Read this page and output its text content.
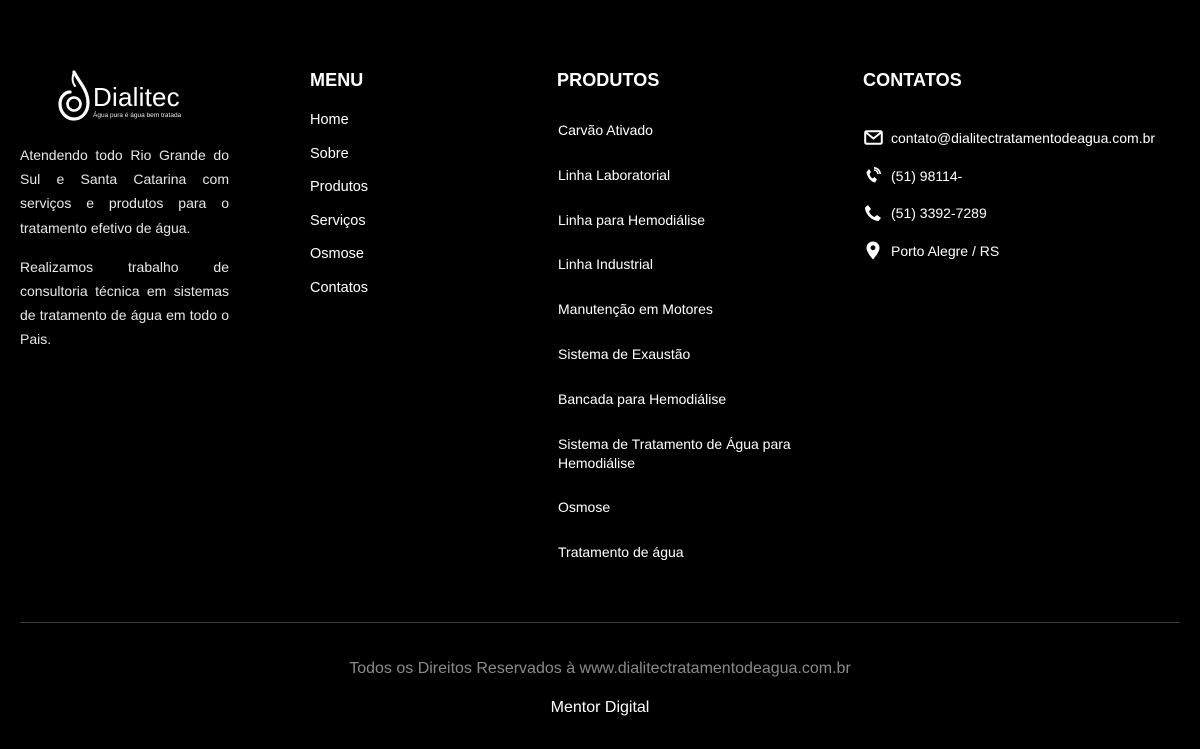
Dialitec
Água pura é água bem tratada

Atendendo todo Rio Grande do Sul e Santa Catarina com serviços e produtos para o tratamento efetivo de água.

Realizamos trabalho de consultoria técnica em sistemas de tratamento de água em todo o Pais.

MENU
Home
Sobre
Produtos
Serviços
Osmose
Contatos
PRODUTOS
Carvão Ativado
Linha Laboratorial
Linha para Hemodiálise
Linha Industrial
Manutenção em Motores
Sistema de Exaustão
Bancada para Hemodiálise
Sistema de Tratamento de Água para Hemodiálise
Osmose
Tratamento de água
CONTATOS
contato@dialitectratamentodeagua.com.br
(51) 98114-
(51) 3392-7289
Porto Alegre / RS
Todos os Direitos Reservados à www.dialitectratamentodeagua.com.br
Mentor Digital
